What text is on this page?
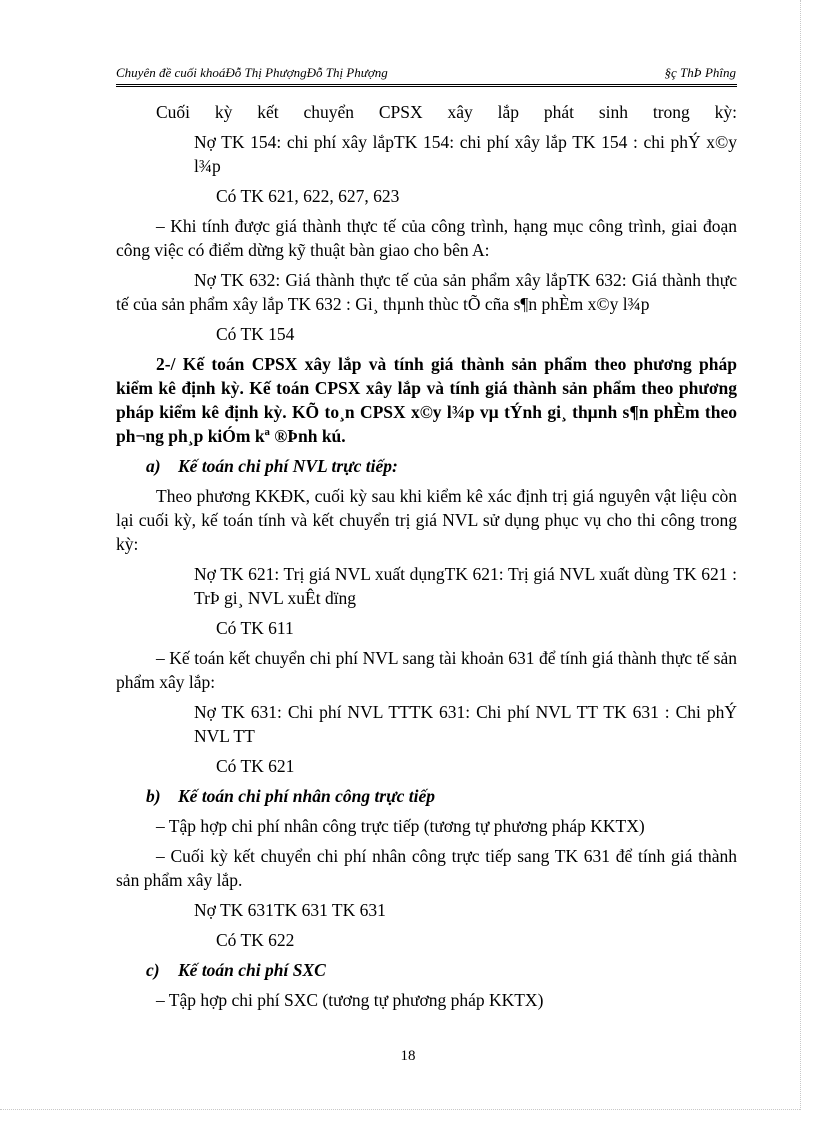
Chuyên đề cuối khoáĐỗ Thị PhượngĐỗ Thị Phượng	§ç ThÞ Phîng

Cuối kỳ kết chuyển CPSX xây lắp phát sinh trong kỳ:

Nợ TK 154: chi phí xây lắpTK 154: chi phí xây lắp TK 154 : chi phÝ x©y l¾p

Có TK 621, 622, 627, 623

– Khi tính được giá thành thực tế của công trình, hạng mục công trình, giai đoạn công việc có điểm dừng kỹ thuật bàn giao cho bên A:

Nợ TK 632: Giá thành thực tế của sản phẩm xây lắpTK 632: Giá thành thực tế của sản phẩm xây lắp TK 632 : Gi¸ thµnh thùc tÕ cña s¶n phÈm x©y l¾p

Có TK 154

2-/ Kế toán CPSX xây lắp và tính giá thành sản phẩm theo phương pháp kiểm kê định kỳ. Kế toán CPSX xây lắp và tính giá thành sản phẩm theo phương pháp kiểm kê định kỳ. KÕ to¸n CPSX x©y l¾p vµ tÝnh gi¸ thµnh s¶n phÈm theo ph¬ng ph¸p kiÓm kª ®Þnh kú.

a) Kế toán chi phí NVL trực tiếp:

Theo phương KKĐK, cuối kỳ sau khi kiểm kê xác định trị giá nguyên vật liệu còn lại cuối kỳ, kế toán tính và kết chuyển trị giá NVL sử dụng phục vụ cho thi công trong kỳ:

Nợ TK 621: Trị giá NVL xuất dụngTK 621: Trị giá NVL xuất dùng TK 621 : TrÞ gi¸ NVL xuÊt dïng

Có TK 611

– Kế toán kết chuyển chi phí NVL sang tài khoản 631 để tính giá thành thực tế sản phẩm xây lắp:

Nợ TK 631: Chi phí NVL TTTK 631: Chi phí NVL TT TK 631 : Chi phÝ NVL TT

Có TK 621

b) Kế toán chi phí nhân công trực tiếp

– Tập hợp chi phí nhân công trực tiếp (tương tự phương pháp KKTX)

– Cuối kỳ kết chuyển chi phí nhân công trực tiếp sang TK 631 để tính giá thành sản phẩm xây lắp.

Nợ TK 631TK 631 TK 631

Có TK 622

c) Kế toán chi phí SXC

– Tập hợp chi phí SXC (tương tự phương pháp KKTX)

18
